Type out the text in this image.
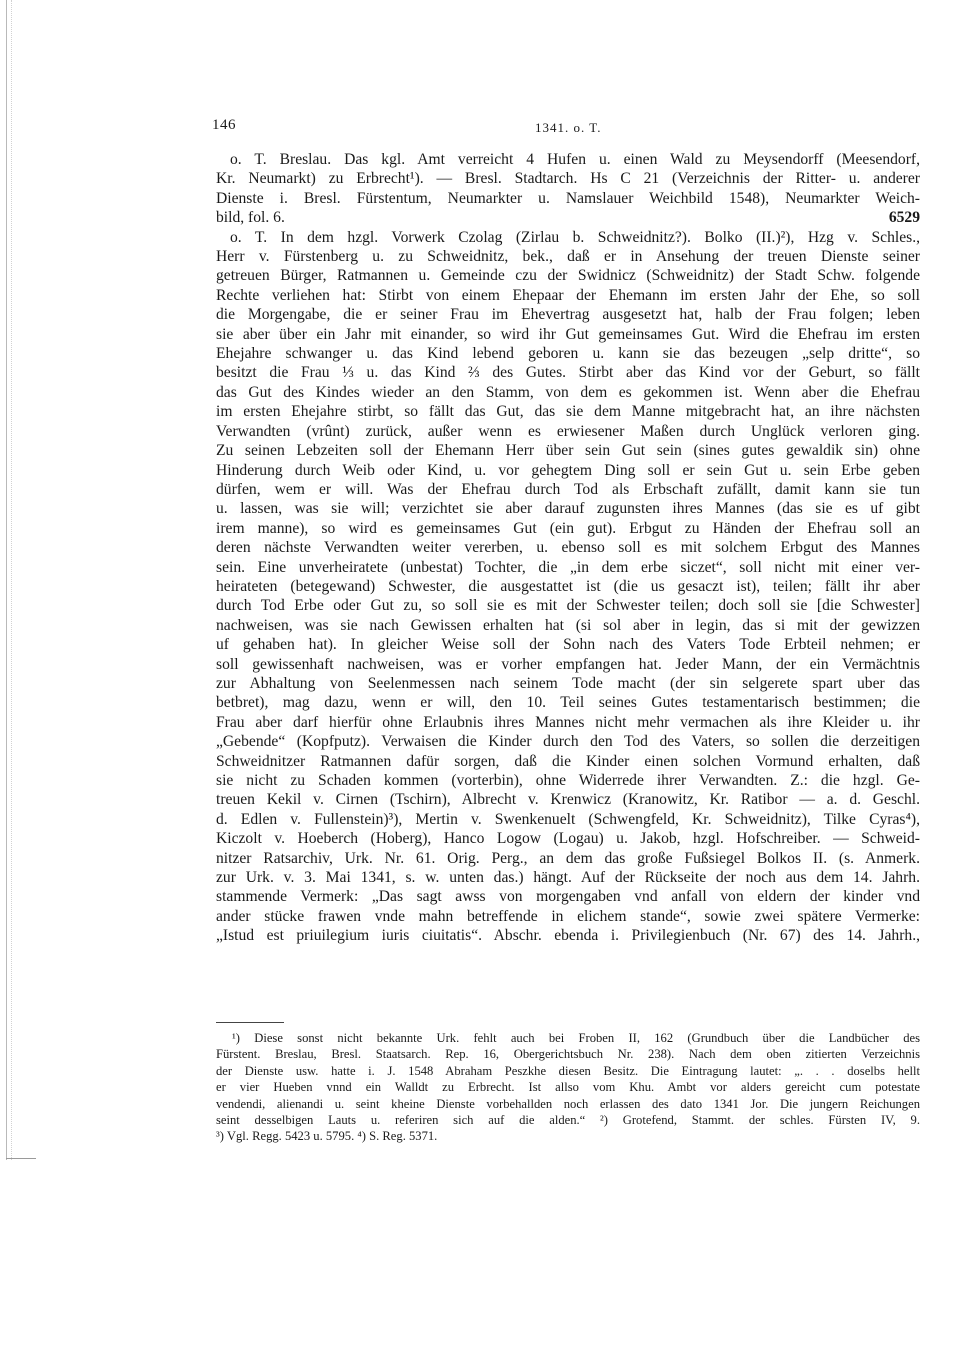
146	1341. o. T.
o. T. Breslau. Das kgl. Amt verreicht 4 Hufen u. einen Wald zu Meysendorff (Meesendorf,
Kr. Neumarkt) zu Erbrecht¹). — Bresl. Stadtarch. Hs C 21 (Verzeichnis der Ritter- u. anderer
Dienste i. Bresl. Fürstentum, Neumarkter u. Namslauer Weichbild 1548), Neumarkter Weich-
bild, fol. 6.	6529
o. T. In dem hzgl. Vorwerk Czolag (Zirlau b. Schweidnitz?). Bolko (II.)²), Hzg v. Schles.,
Herr v. Fürstenberg u. zu Schweidnitz, bek., daß er in Ansehung der treuen Dienste seiner
getreuen Bürger, Ratmannen u. Gemeinde czu der Swidnicz (Schweidnitz) der Stadt Schw. folgende
Rechte verliehen hat: Stirbt von einem Ehepaar der Ehemann im ersten Jahr der Ehe, so soll
die Morgengabe, die er seiner Frau im Ehevertrag ausgesetzt hat, halb der Frau folgen; leben
sie aber über ein Jahr mit einander, so wird ihr Gut gemeinsames Gut. Wird die Ehefrau im ersten
Ehejahre schwanger u. das Kind lebend geboren u. kann sie das bezeugen „selp dritte“, so
besitzt die Frau ⅓ u. das Kind ⅔ des Gutes. Stirbt aber das Kind vor der Geburt, so fällt
das Gut des Kindes wieder an den Stamm, von dem es gekommen ist. Wenn aber die Ehefrau
im ersten Ehejahre stirbt, so fällt das Gut, das sie dem Manne mitgebracht hat, an ihre nächsten
Verwandten (vrûnt) zurück, außer wenn es erwiesener Maßen durch Unglück verloren ging.
Zu seinen Lebzeiten soll der Ehemann Herr über sein Gut sein (sines gutes gewaldik sin) ohne
Hinderung durch Weib oder Kind, u. vor gehegtem Ding soll er sein Gut u. sein Erbe geben
dürfen, wem er will. Was der Ehefrau durch Tod als Erbschaft zufällt, damit kann sie tun
u. lassen, was sie will; verzichtet sie aber darauf zugunsten ihres Mannes (das sie es uf gibt
irem manne), so wird es gemeinsames Gut (ein gut). Erbgut zu Händen der Ehefrau soll an
deren nächste Verwandten weiter vererben, u. ebenso soll es mit solchem Erbgut des Mannes
sein. Eine unverheiratete (unbestat) Tochter, die „in dem erbe siczet“, soll nicht mit einer ver-
heirateten (betegewand) Schwester, die ausgestattet ist (die us gesaczt ist), teilen; fällt ihr aber
durch Tod Erbe oder Gut zu, so soll sie es mit der Schwester teilen; doch soll sie [die Schwester]
nachweisen, was sie nach Gewissen erhalten hat (si sol aber in legin, das si mit der gewizzen
uf gehaben hat). In gleicher Weise soll der Sohn nach des Vaters Tode Erbteil nehmen; er
soll gewissenhaft nachweisen, was er vorher empfangen hat. Jeder Mann, der ein Vermächtnis
zur Abhaltung von Seelenmessen nach seinem Tode macht (der sin selgerete spart uber das
betbret), mag dazu, wenn er will, den 10. Teil seines Gutes testamentarisch bestimmen; die
Frau aber darf hierfür ohne Erlaubnis ihres Mannes nicht mehr vermachen als ihre Kleider u. ihr
„Gebende“ (Kopfputz). Verwaisen die Kinder durch den Tod des Vaters, so sollen die derzeitigen
Schweidnitzer Ratmannen dafür sorgen, daß die Kinder einen solchen Vormund erhalten, daß
sie nicht zu Schaden kommen (vorterbin), ohne Widerrede ihrer Verwandten. Z.: die hzgl. Ge-
treuen Kekil v. Cirnen (Tschirn), Albrecht v. Krenwicz (Kranowitz, Kr. Ratibor — a. d. Geschl.
d. Edlen v. Fullenstein)³), Mertin v. Swenkenuelt (Schwengfeld, Kr. Schweidnitz), Tilke Cyras⁴),
Kiczolt v. Hoeberch (Hoberg), Hanco Logow (Logau) u. Jakob, hzgl. Hofschreiber. — Schweid-
nitzer Ratsarchiv, Urk. Nr. 61. Orig. Perg., an dem das große Fußsiegel Bolkos II. (s. Anmerk.
zur Urk. v. 3. Mai 1341, s. w. unten das.) hängt. Auf der Rückseite der noch aus dem 14. Jahrh.
stammende Vermerk: „Das sagt awss von morgengaben vnd anfall von eldern der kinder vnd
ander stücke frawen vnde mahn betreffende in elichem stande“, sowie zwei spätere Vermerke:
„Istud est priuilegium iuris ciuitatis“. Abschr. ebenda i. Privilegienbuch (Nr. 67) des 14. Jahrh.,
¹) Diese sonst nicht bekannte Urk. fehlt auch bei Froben II, 162 (Grundbuch über die Landbücher des
Fürstent. Breslau, Bresl. Staatsarch. Rep. 16, Obergerichtsbuch Nr. 238). Nach dem oben zitierten Verzeichnis
der Dienste usw. hatte i. J. 1548 Abraham Peszkhe diesen Besitz. Die Eintragung lautet: „. . . doselbs hellt
er vier Hueben vnnd ein Walldt zu Erbrecht. Ist allso vom Khu. Ambt vor alders gereicht cum potestate
vendendi, alienandi u. seint kheine Dienste vorbehallden noch erlassen des dato 1341 Jor. Die jungern Reichungen
seint desselbigen Lauts u. referiren sich auf die alden.“ ²) Grotefend, Stammt. der schles. Fürsten IV, 9.
³) Vgl. Regg. 5423 u. 5795. ⁴) S. Reg. 5371.
